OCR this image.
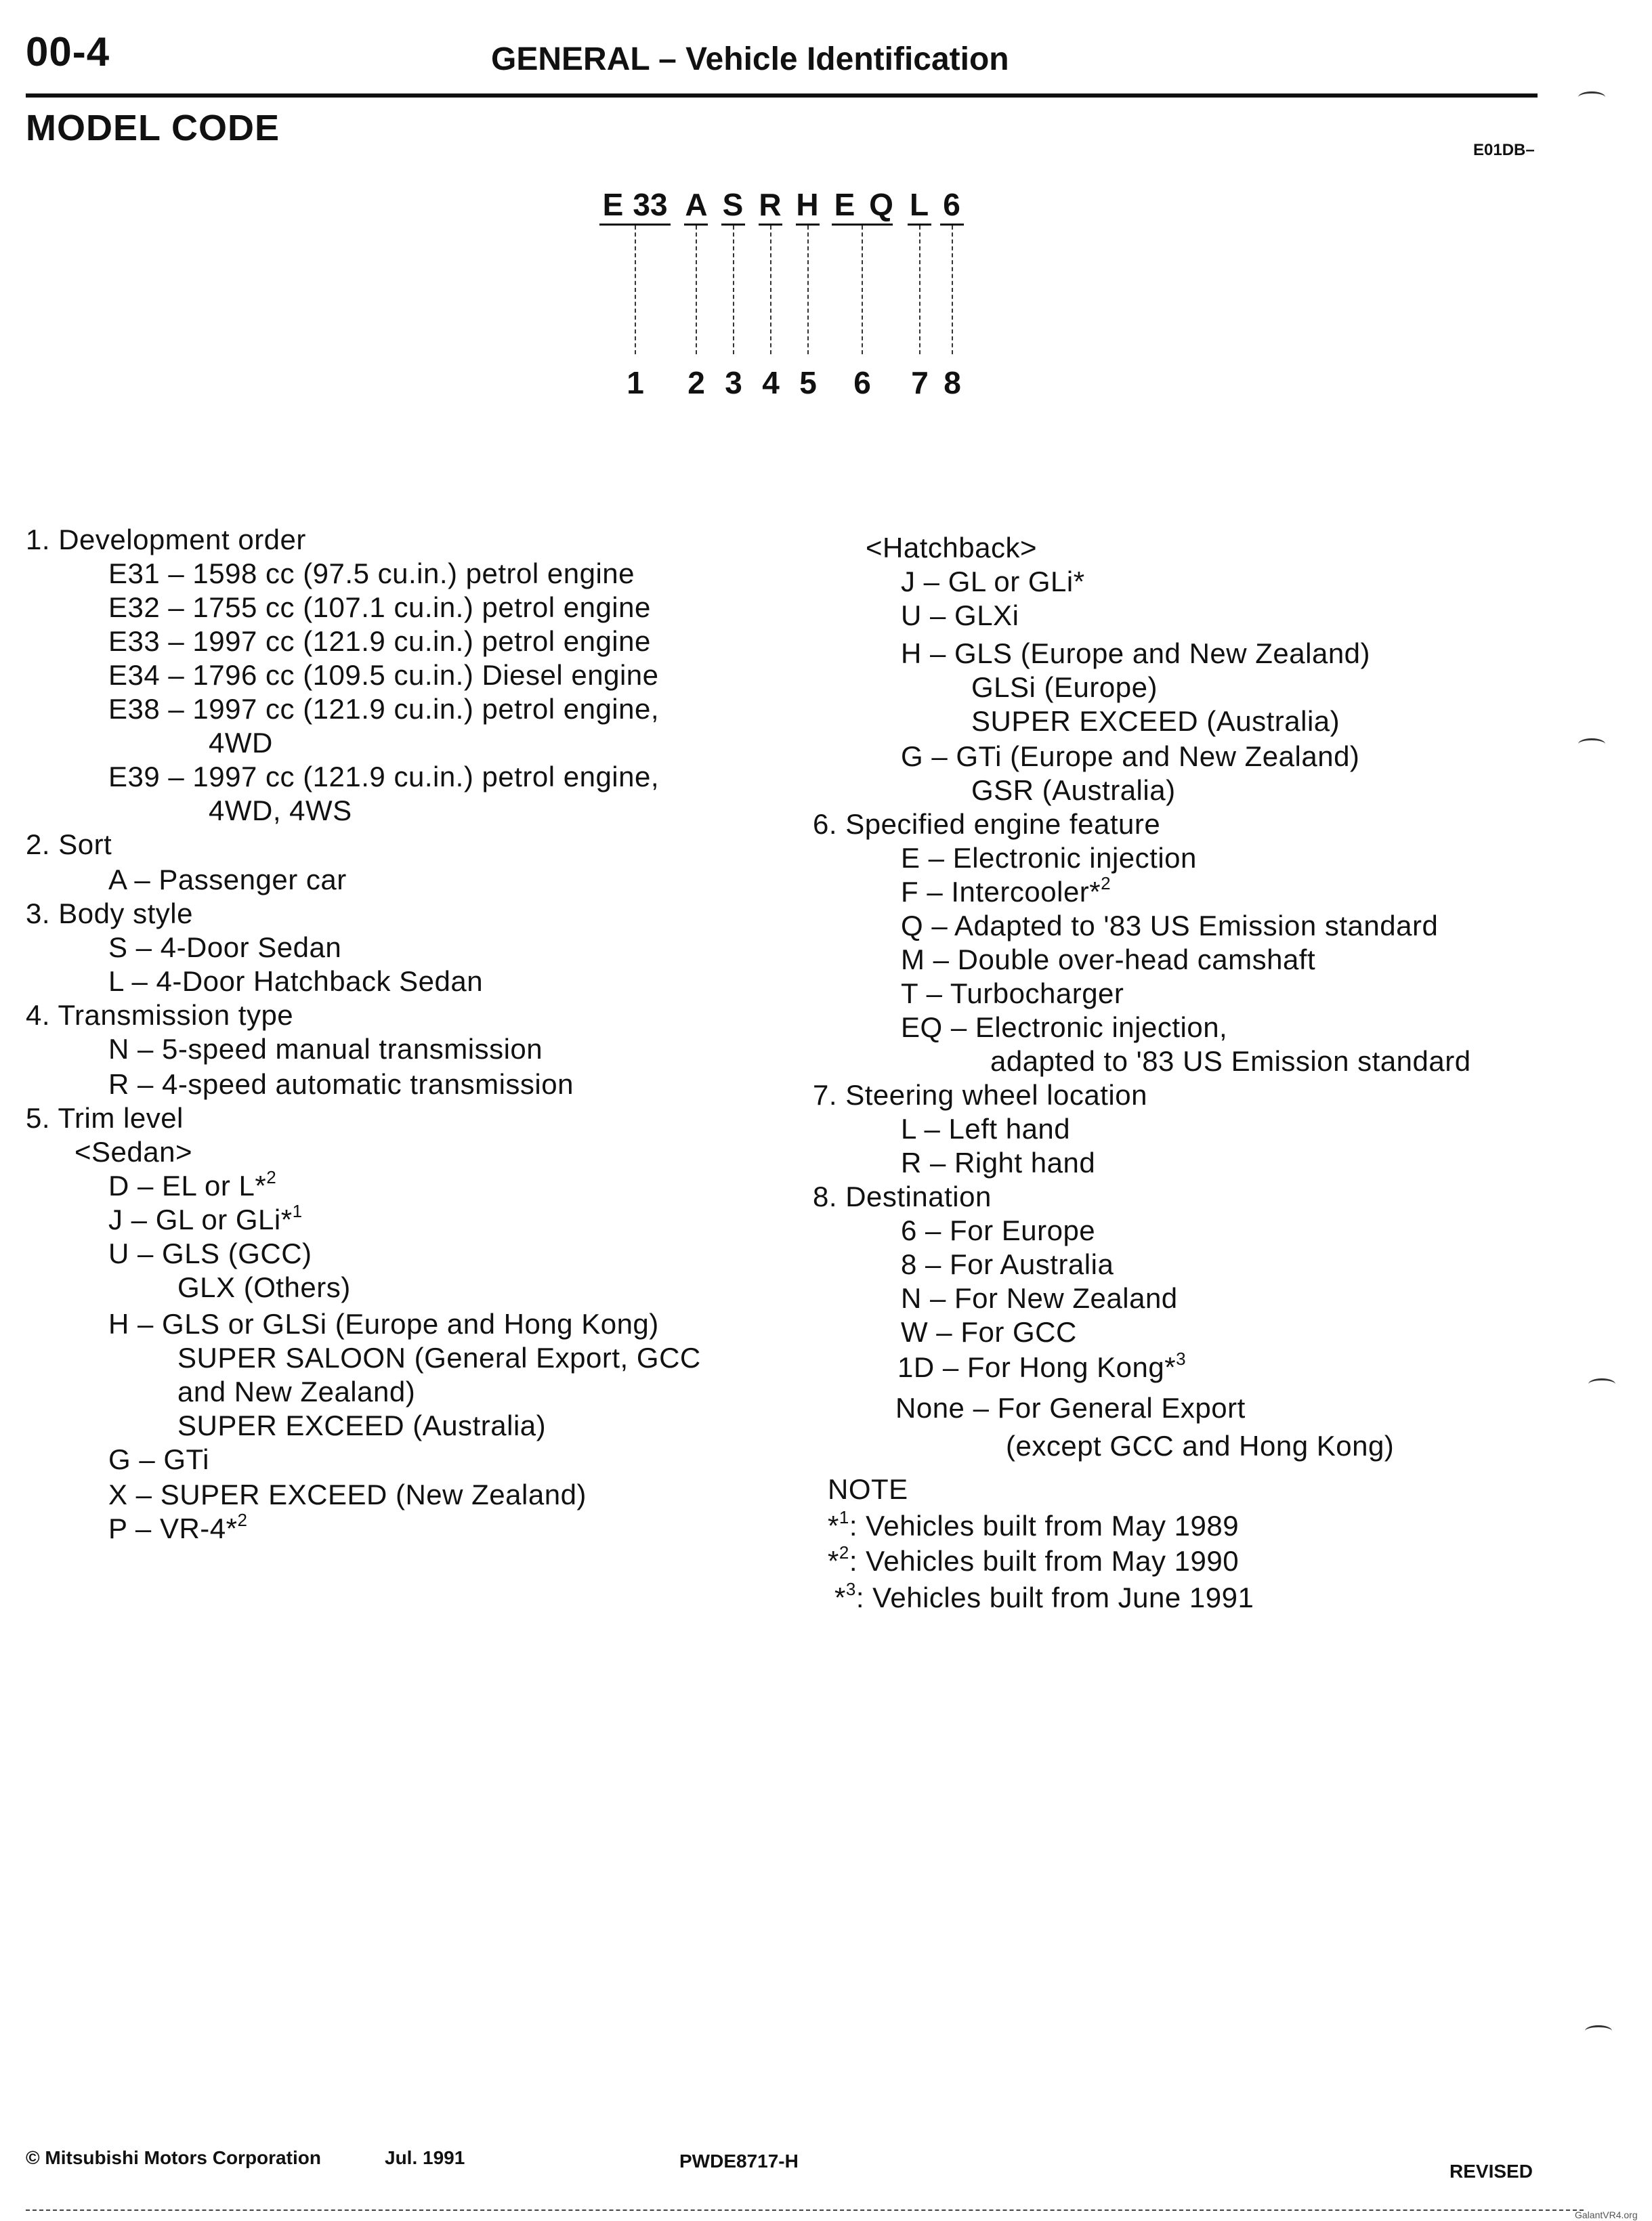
00-4	GENERAL – Vehicle Identification
MODEL CODE
E01DB–
E 33 A S R H E Q L 6
1 2 3 4 5 6 7 8
1. Development order
E31 – 1598 cc (97.5 cu.in.) petrol engine
E32 – 1755 cc (107.1 cu.in.) petrol engine
E33 – 1997 cc (121.9 cu.in.) petrol engine
E34 – 1796 cc (109.5 cu.in.) Diesel engine
E38 – 1997 cc (121.9 cu.in.) petrol engine,
4WD
E39 – 1997 cc (121.9 cu.in.) petrol engine,
4WD, 4WS
2. Sort
A – Passenger car
3. Body style
S – 4-Door Sedan
L – 4-Door Hatchback Sedan
4. Transmission type
N – 5-speed manual transmission
R – 4-speed automatic transmission
5. Trim level
<Sedan>
D – EL or L*$^2$
J – GL or GLi*$^1$
U – GLS (GCC)
GLX (Others)
H – GLS or GLSi (Europe and Hong Kong)
SUPER SALOON (General Export, GCC
and New Zealand)
SUPER EXCEED (Australia)
G – GTi
X – SUPER EXCEED (New Zealand)
P – VR-4*$^2$
<Hatchback>
J – GL or GLi*
U – GLXi
H – GLS (Europe and New Zealand)
GLSi (Europe)
SUPER EXCEED (Australia)
G – GTi (Europe and New Zealand)
GSR (Australia)
6. Specified engine feature
E – Electronic injection
F – Intercooler*$^2$
Q – Adapted to '83 US Emission standard
M – Double over-head camshaft
T – Turbocharger
EQ – Electronic injection,
adapted to '83 US Emission standard
7. Steering wheel location
L – Left hand
R – Right hand
8. Destination
6 – For Europe
8 – For Australia
N – For New Zealand
W – For GCC
1D – For Hong Kong*$^3$
None – For General Export
(except GCC and Hong Kong)
NOTE
*$^1$: Vehicles built from May 1989
*$^2$: Vehicles built from May 1990
*$^3$: Vehicles built from June 1991
© Mitsubishi Motors Corporation	Jul. 1991	PWDE8717-H	REVISED
GalantVR4.org
